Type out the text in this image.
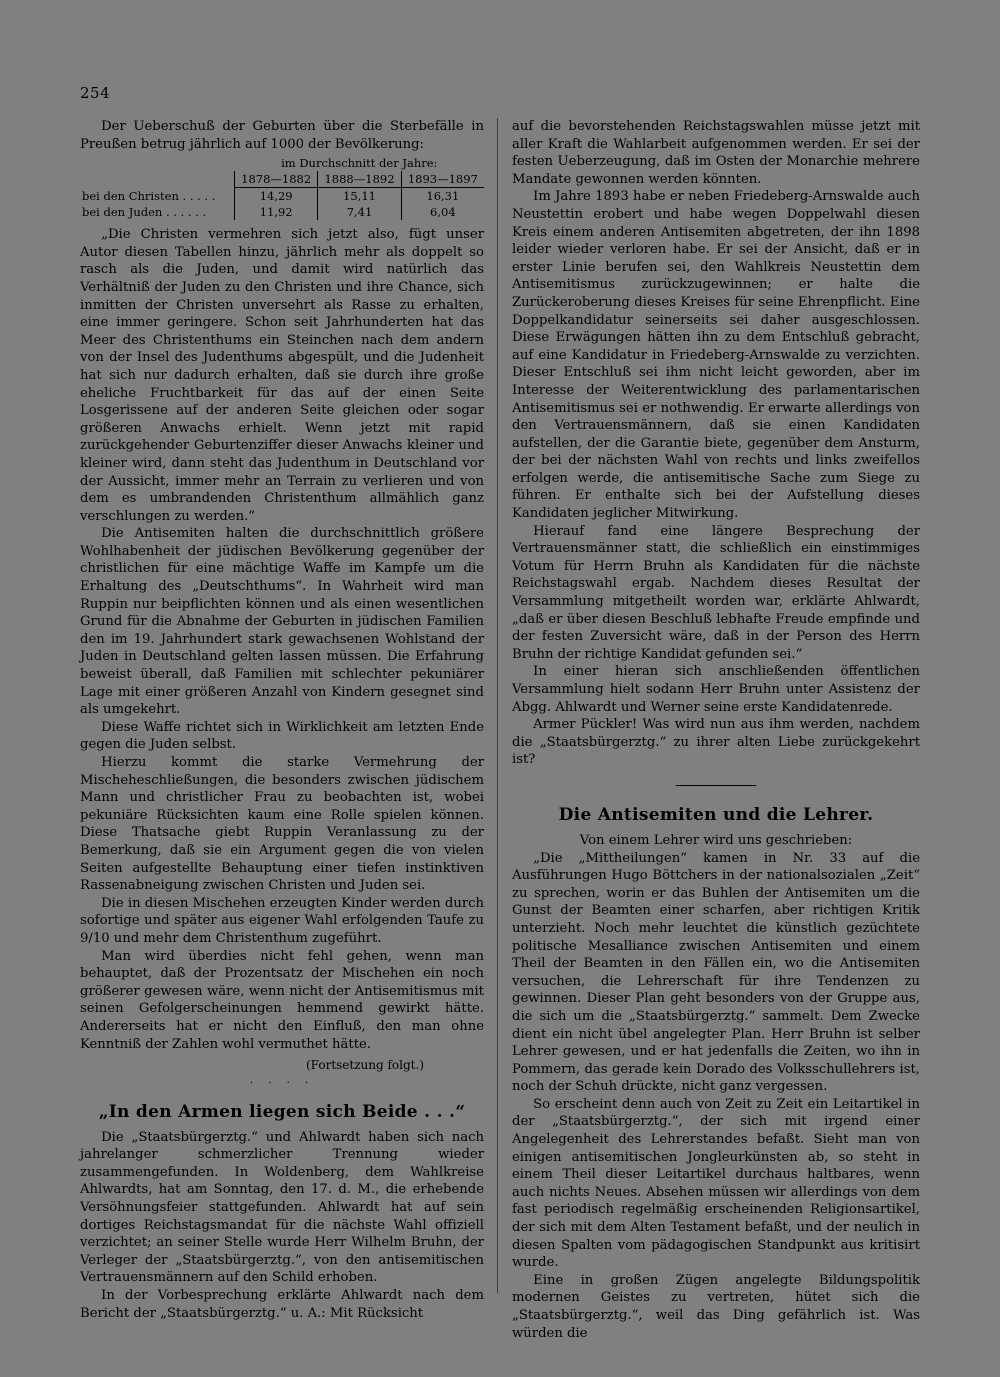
254

Der Ueberschuß der Geburten über die Sterbefälle in Preußen betrug jährlich auf 1000 der Bevölkerung:

	im Durchschnitt der Jahre:		
	1878—1882	1888—1892	1893—1897
bei den Christen . . . . .	14,29	15,11	16,31
bei den Juden . . . . . .	11,92	7,41	6,04

„Die Christen vermehren sich jetzt also, fügt unser Autor diesen Tabellen hinzu, jährlich mehr als doppelt so rasch als die Juden, und damit wird natürlich das Verhältniß der Juden zu den Christen und ihre Chance, sich inmitten der Christen unversehrt als Rasse zu erhalten, eine immer geringere. Schon seit Jahrhunderten hat das Meer des Christenthums ein Steinchen nach dem andern von der Insel des Judenthums abgespült, und die Judenheit hat sich nur dadurch erhalten, daß sie durch ihre große eheliche Fruchtbarkeit für das auf der einen Seite Losgerissene auf der anderen Seite gleichen oder sogar größeren Anwachs erhielt. Wenn jetzt mit rapid zurückgehender Geburtenziffer dieser Anwachs kleiner und kleiner wird, dann steht das Judenthum in Deutschland vor der Aussicht, immer mehr an Terrain zu verlieren und von dem es umbrandenden Christenthum allmählich ganz verschlungen zu werden.“

Die Antisemiten halten die durchschnittlich größere Wohlhabenheit der jüdischen Bevölkerung gegenüber der christlichen für eine mächtige Waffe im Kampfe um die Erhaltung des „Deutschthums“. In Wahrheit wird man Ruppin nur beipflichten können und als einen wesentlichen Grund für die Abnahme der Geburten in jüdischen Familien den im 19. Jahrhundert stark gewachsenen Wohlstand der Juden in Deutschland gelten lassen müssen. Die Erfahrung beweist überall, daß Familien mit schlechter pekuniärer Lage mit einer größeren Anzahl von Kindern gesegnet sind als umgekehrt.

Diese Waffe richtet sich in Wirklichkeit am letzten Ende gegen die Juden selbst.

Hierzu kommt die starke Vermehrung der Mischeheschließungen, die besonders zwischen jüdischem Mann und christlicher Frau zu beobachten ist, wobei pekuniäre Rücksichten kaum eine Rolle spielen können. Diese Thatsache giebt Ruppin Veranlassung zu der Bemerkung, daß sie ein Argument gegen die von vielen Seiten aufgestellte Behauptung einer tiefen instinktiven Rassenabneigung zwischen Christen und Juden sei.

Die in diesen Mischehen erzeugten Kinder werden durch sofortige und später aus eigener Wahl erfolgenden Taufe zu 9/10 und mehr dem Christenthum zugeführt.

Man wird überdies nicht fehl gehen, wenn man behauptet, daß der Prozentsatz der Mischehen ein noch größerer gewesen wäre, wenn nicht der Antisemitismus mit seinen Gefolgerscheinungen hemmend gewirkt hätte. Andererseits hat er nicht den Einfluß, den man ohne Kenntniß der Zahlen wohl vermuthet hätte.

(Fortsetzung folgt.)

· · · ·
„In den Armen liegen sich Beide . . .“

Die „Staatsbürgerztg.“ und Ahlwardt haben sich nach jahrelanger schmerzlicher Trennung wieder zusammengefunden. In Woldenberg, dem Wahlkreise Ahlwardts, hat am Sonntag, den 17. d. M., die erhebende Versöhnungsfeier stattgefunden. Ahlwardt hat auf sein dortiges Reichstagsmandat für die nächste Wahl offiziell verzichtet; an seiner Stelle wurde Herr Wilhelm Bruhn, der Verleger der „Staatsbürgerztg.“, von den antisemitischen Vertrauensmännern auf den Schild erhoben.

In der Vorbesprechung erklärte Ahlwardt nach dem Bericht der „Staatsbürgerztg.“ u. A.: Mit Rücksicht

auf die bevorstehenden Reichstagswahlen müsse jetzt mit aller Kraft die Wahlarbeit aufgenommen werden. Er sei der festen Ueberzeugung, daß im Osten der Monarchie mehrere Mandate gewonnen werden könnten.

Im Jahre 1893 habe er neben Friedeberg-Arnswalde auch Neustettin erobert und habe wegen Doppelwahl diesen Kreis einem anderen Antisemiten abgetreten, der ihn 1898 leider wieder verloren habe. Er sei der Ansicht, daß er in erster Linie berufen sei, den Wahlkreis Neustettin dem Antisemitismus zurückzugewinnen; er halte die Zurückeroberung dieses Kreises für seine Ehrenpflicht. Eine Doppelkandidatur seinerseits sei daher ausgeschlossen. Diese Erwägungen hätten ihn zu dem Entschluß gebracht, auf eine Kandidatur in Friedeberg-Arnswalde zu verzichten. Dieser Entschluß sei ihm nicht leicht geworden, aber im Interesse der Weiterentwicklung des parlamentarischen Antisemitismus sei er nothwendig. Er erwarte allerdings von den Vertrauensmännern, daß sie einen Kandidaten aufstellen, der die Garantie biete, gegenüber dem Ansturm, der bei der nächsten Wahl von rechts und links zweifellos erfolgen werde, die antisemitische Sache zum Siege zu führen. Er enthalte sich bei der Aufstellung dieses Kandidaten jeglicher Mitwirkung.

Hierauf fand eine längere Besprechung der Vertrauensmänner statt, die schließlich ein einstimmiges Votum für Herrn Bruhn als Kandidaten für die nächste Reichstagswahl ergab. Nachdem dieses Resultat der Versammlung mitgetheilt worden war, erklärte Ahlwardt, „daß er über diesen Beschluß lebhafte Freude empfinde und der festen Zuversicht wäre, daß in der Person des Herrn Bruhn der richtige Kandidat gefunden sei.“

In einer hieran sich anschließenden öffentlichen Versammlung hielt sodann Herr Bruhn unter Assistenz der Abgg. Ahlwardt und Werner seine erste Kandidatenrede.

Armer Pückler! Was wird nun aus ihm werden, nachdem die „Staatsbürgerztg.“ zu ihrer alten Liebe zurückgekehrt ist?

Die Antisemiten und die Lehrer.

Von einem Lehrer wird uns geschrieben:

„Die „Mittheilungen“ kamen in Nr. 33 auf die Ausführungen Hugo Böttchers in der nationalsozialen „Zeit“ zu sprechen, worin er das Buhlen der Antisemiten um die Gunst der Beamten einer scharfen, aber richtigen Kritik unterzieht. Noch mehr leuchtet die künstlich gezüchtete politische Mesalliance zwischen Antisemiten und einem Theil der Beamten in den Fällen ein, wo die Antisemiten versuchen, die Lehrerschaft für ihre Tendenzen zu gewinnen. Dieser Plan geht besonders von der Gruppe aus, die sich um die „Staatsbürgerztg.“ sammelt. Dem Zwecke dient ein nicht übel angelegter Plan. Herr Bruhn ist selber Lehrer gewesen, und er hat jedenfalls die Zeiten, wo ihn in Pommern, das gerade kein Dorado des Volksschullehrers ist, noch der Schuh drückte, nicht ganz vergessen.

So erscheint denn auch von Zeit zu Zeit ein Leitartikel in der „Staatsbürgerztg.“, der sich mit irgend einer Angelegenheit des Lehrerstandes befaßt. Sieht man von einigen antisemitischen Jongleurkünsten ab, so steht in einem Theil dieser Leitartikel durchaus haltbares, wenn auch nichts Neues. Absehen müssen wir allerdings von dem fast periodisch regelmäßig erscheinenden Religionsartikel, der sich mit dem Alten Testament befaßt, und der neulich in diesen Spalten vom pädagogischen Standpunkt aus kritisirt wurde.

Eine in großen Zügen angelegte Bildungspolitik modernen Geistes zu vertreten, hütet sich die „Staatsbürgerztg.“, weil das Ding gefährlich ist. Was würden die
